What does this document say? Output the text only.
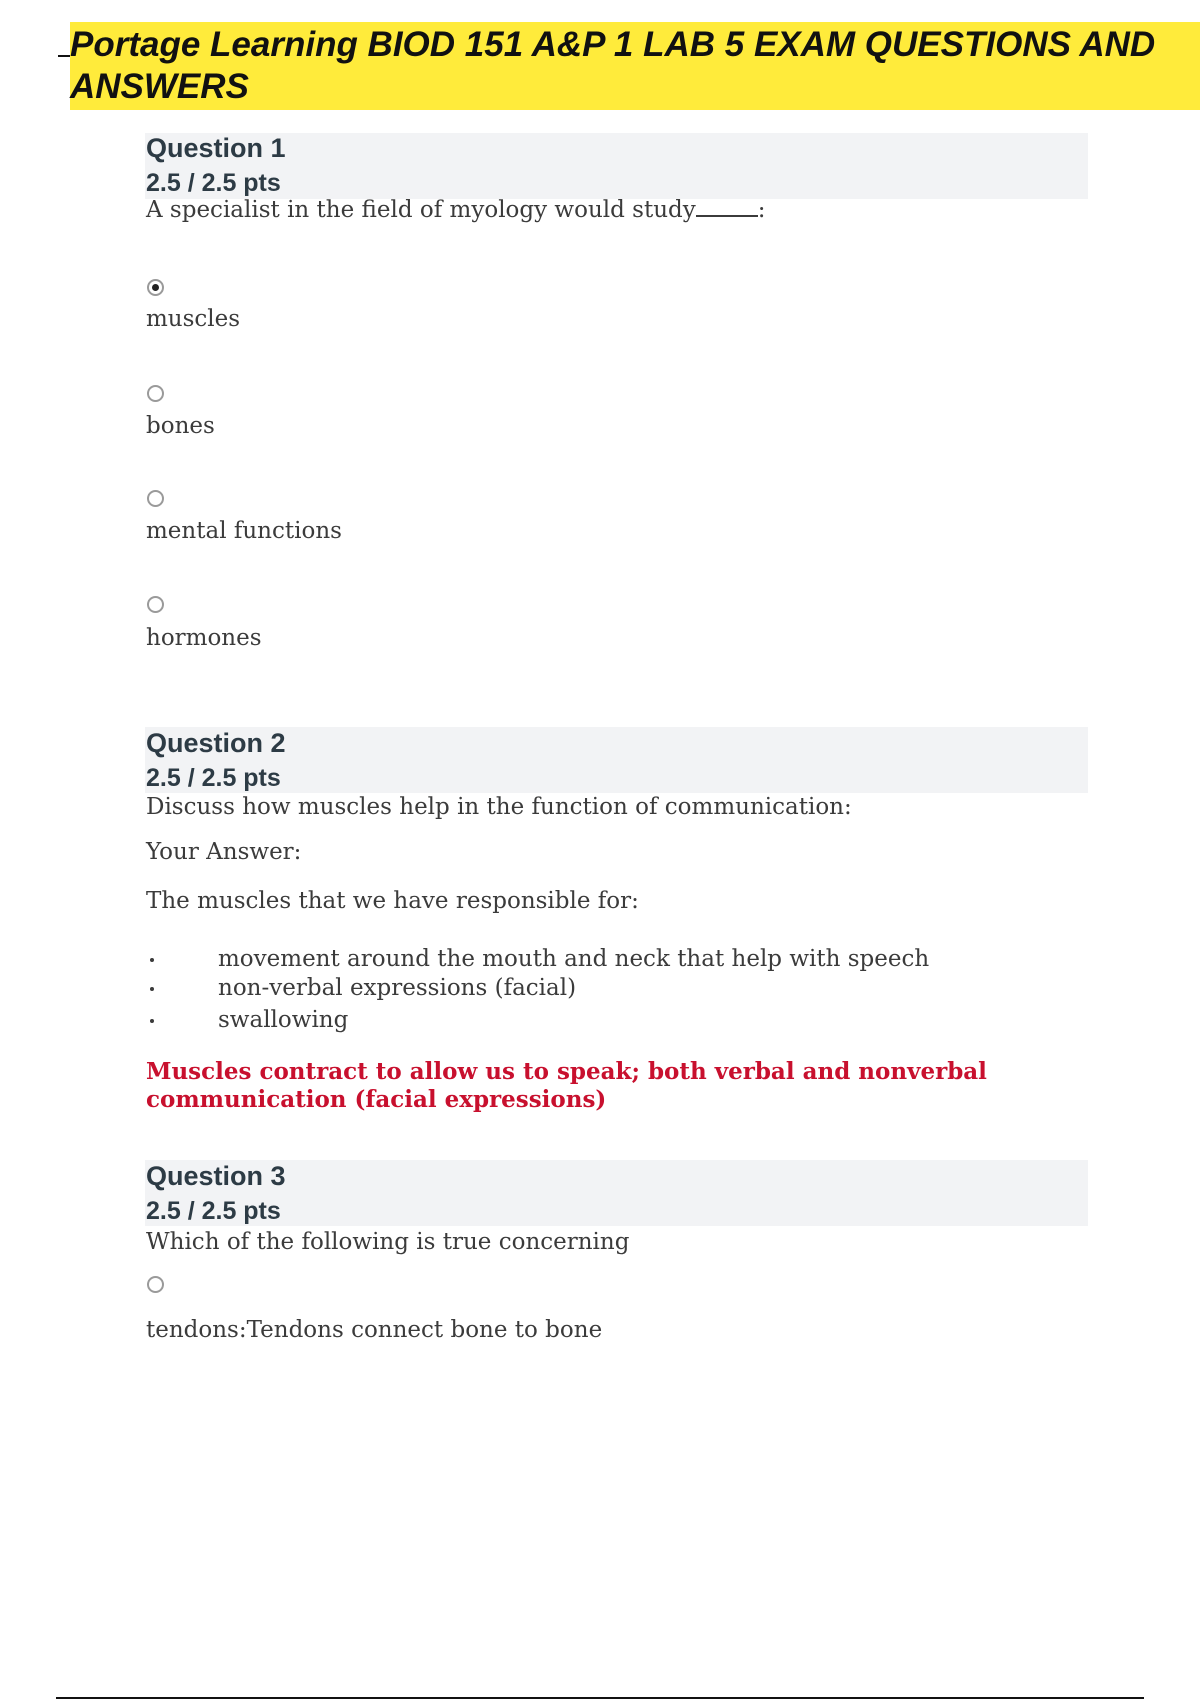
Portage Learning BIOD 151 A&P 1 LAB 5 EXAM QUESTIONS AND ANSWERS
Question 1
2.5 / 2.5 pts
A specialist in the field of myology would study	:
muscles
bones
mental functions
hormones
Question 2
2.5 / 2.5 pts
Discuss how muscles help in the function of communication:
Your Answer:
The muscles that we have responsible for:
movement around the mouth and neck that help with speech
non-verbal expressions (facial)
swallowing
Muscles contract to allow us to speak; both verbal and nonverbal communication (facial expressions)
Question 3
2.5 / 2.5 pts
Which of the following is true concerning
tendons:Tendons connect bone to bone
